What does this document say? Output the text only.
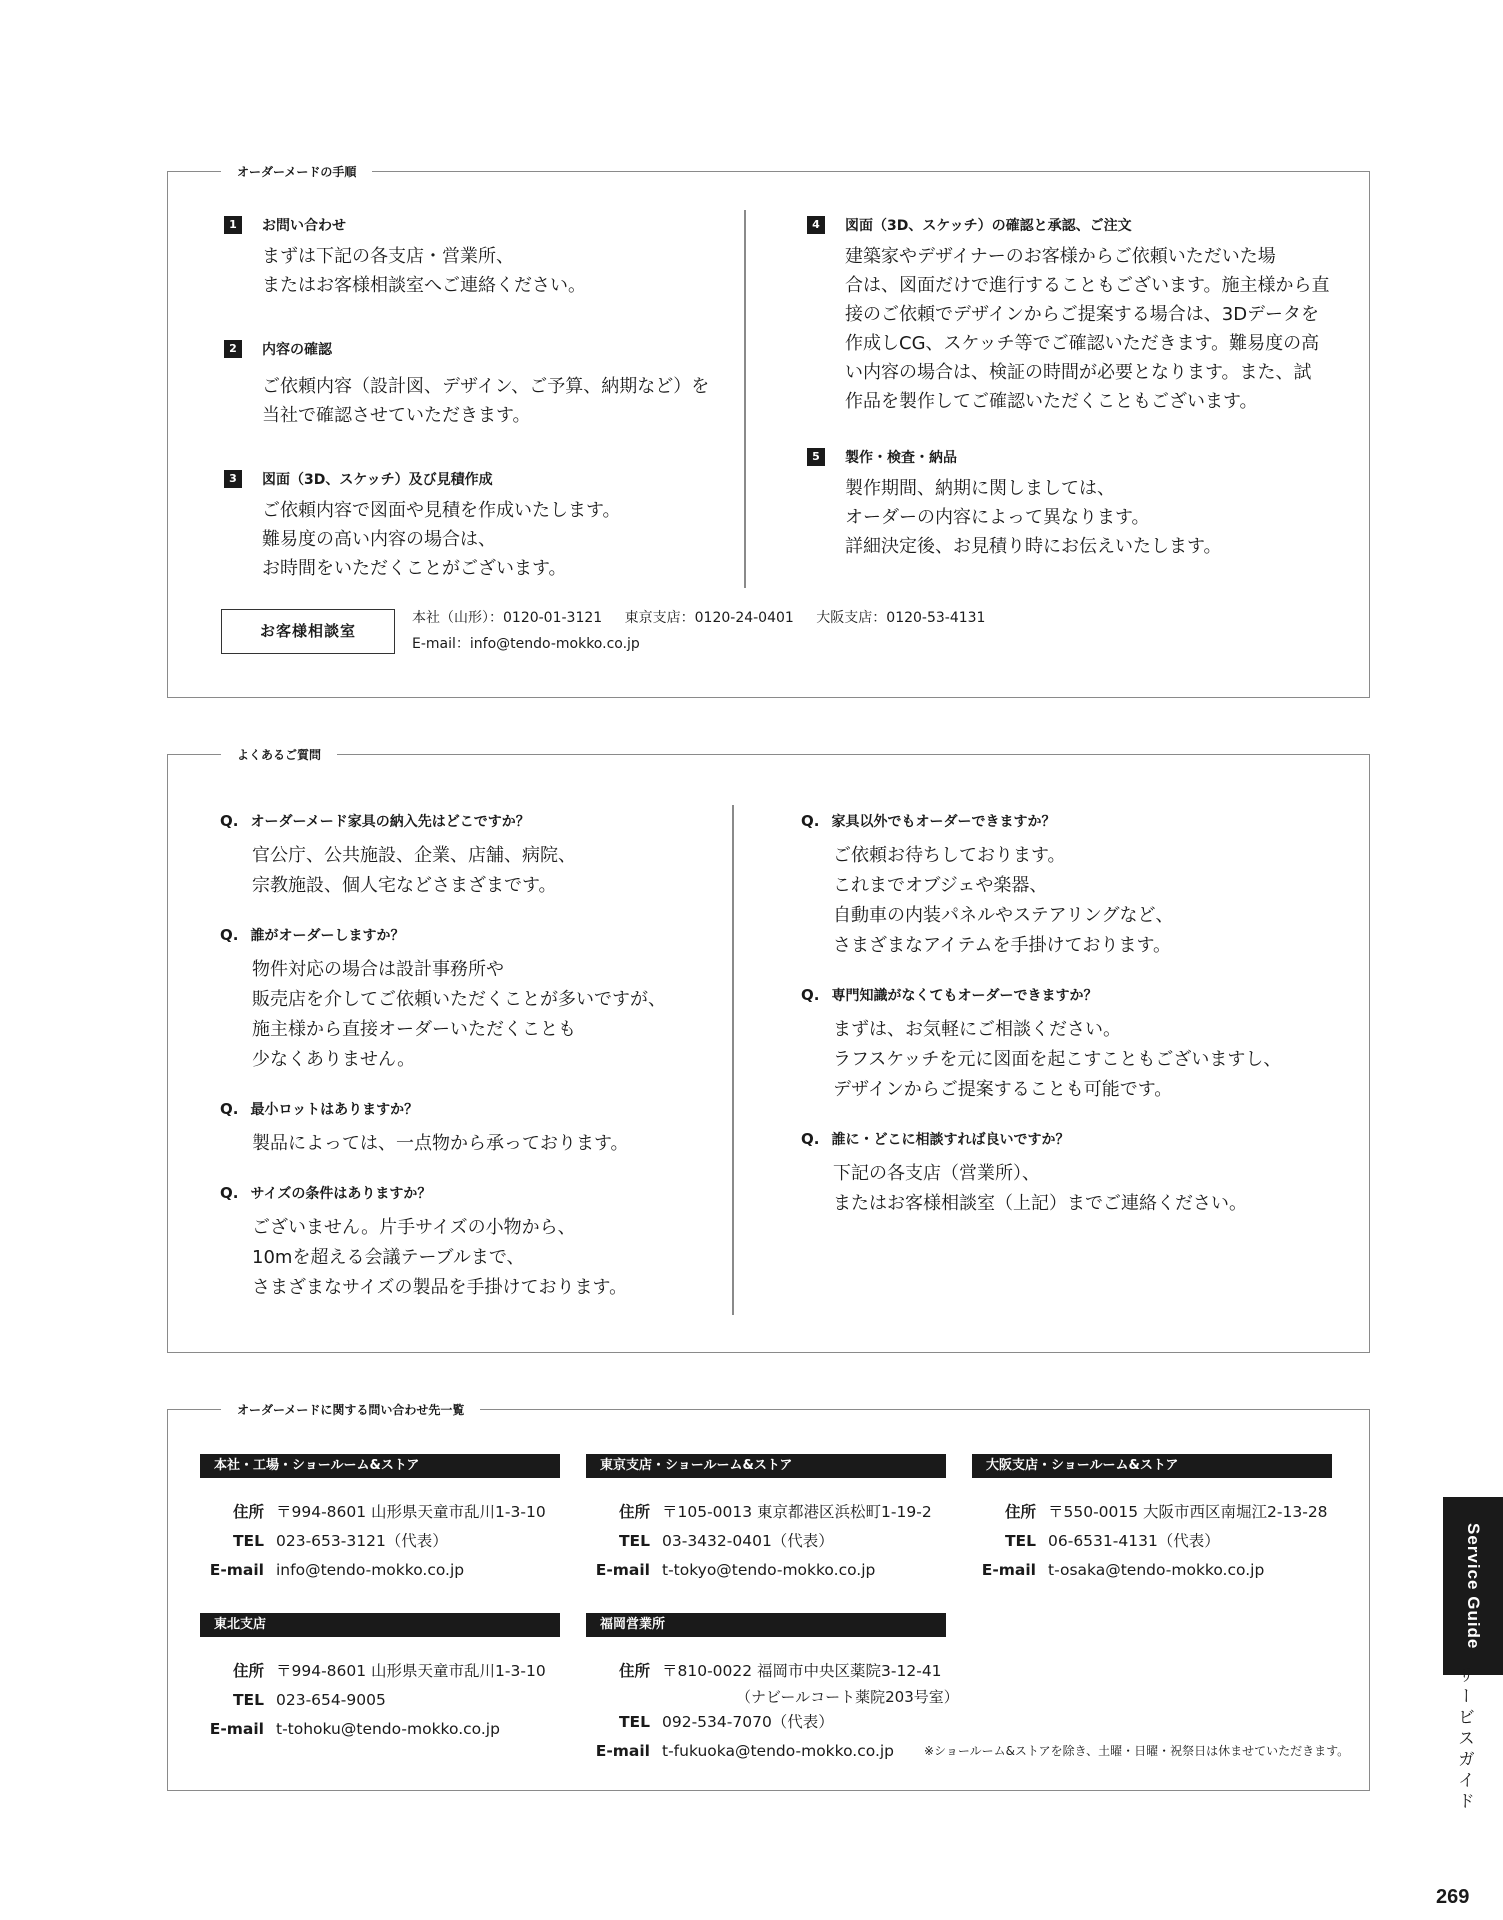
オーダーメードの手順
1	お問い合わせ

まずは下記の各支店・営業所、

またはお客様相談室へご連絡ください。

2	内容の確認

ご依頼内容（設計図、デザイン、ご予算、納期など）を

当社で確認させていただきます。

3	図面（3D、スケッチ）及び見積作成

ご依頼内容で図面や見積を作成いたします。

難易度の高い内容の場合は、

お時間をいただくことがございます。

4	図面（3D、スケッチ）の確認と承認、ご注文

建築家やデザイナーのお客様からご依頼いただいた場

合は、図面だけで進行することもございます。施主様から直

接のご依頼でデザインからご提案する場合は、3Dデータを

作成しCG、スケッチ等でご確認いただきます。難易度の高

い内容の場合は、検証の時間が必要となります。また、試

作品を製作してご確認いただくこともございます。

5	製作・検査・納品

製作期間、納期に関しましては、

オーダーの内容によって異なります。

詳細決定後、お見積り時にお伝えいたします。

お客様相談室
本社（山形）：0120-01-3121 東京支店：0120-24-0401 大阪支店：0120-53-4131
E-mail：info@tendo-mokko.co.jp
よくあるご質問
Q. オーダーメード家具の納入先はどこですか？

官公庁、公共施設、企業、店舗、病院、

宗教施設、個人宅などさまざまです。

Q. 誰がオーダーしますか？

物件対応の場合は設計事務所や

販売店を介してご依頼いただくことが多いですが、

施主様から直接オーダーいただくことも

少なくありません。

Q. 最小ロットはありますか？

製品によっては、一点物から承っております。

Q. サイズの条件はありますか？

ございません。片手サイズの小物から、

10mを超える会議テーブルまで、

さまざまなサイズの製品を手掛けております。

Q. 家具以外でもオーダーできますか？

ご依頼お待ちしております。

これまでオブジェや楽器、

自動車の内装パネルやステアリングなど、

さまざまなアイテムを手掛けております。

Q. 専門知識がなくてもオーダーできますか？

まずは、お気軽にご相談ください。

ラフスケッチを元に図面を起こすこともございますし、

デザインからご提案することも可能です。

Q. 誰に・どこに相談すれば良いですか？

下記の各支店（営業所）、

またはお客様相談室（上記）までご連絡ください。

オーダーメードに関する問い合わせ先一覧
本社・工場・ショールーム&ストア
住所 〒994-8601 山形県天童市乱川1-3-10
TEL 023-653-3121（代表）
E-mail info@tendo-mokko.co.jp
東京支店・ショールーム&ストア
住所 〒105-0013 東京都港区浜松町1-19-2
TEL 03-3432-0401（代表）
E-mail t-tokyo@tendo-mokko.co.jp
大阪支店・ショールーム&ストア
住所 〒550-0015 大阪市西区南堀江2-13-28
TEL 06-6531-4131（代表）
E-mail t-osaka@tendo-mokko.co.jp
東北支店
住所 〒994-8601 山形県天童市乱川1-3-10
TEL 023-654-9005
E-mail t-tohoku@tendo-mokko.co.jp
福岡営業所
住所 〒810-0022 福岡市中央区薬院3-12-41
（ナビールコート薬院203号室）
TEL 092-534-7070（代表）
E-mail t-fukuoka@tendo-mokko.co.jp ※ショールーム&ストアを除き、土曜・日曜・祝祭日は休ませていただきます。
Service Guide
サービスガイド
269
